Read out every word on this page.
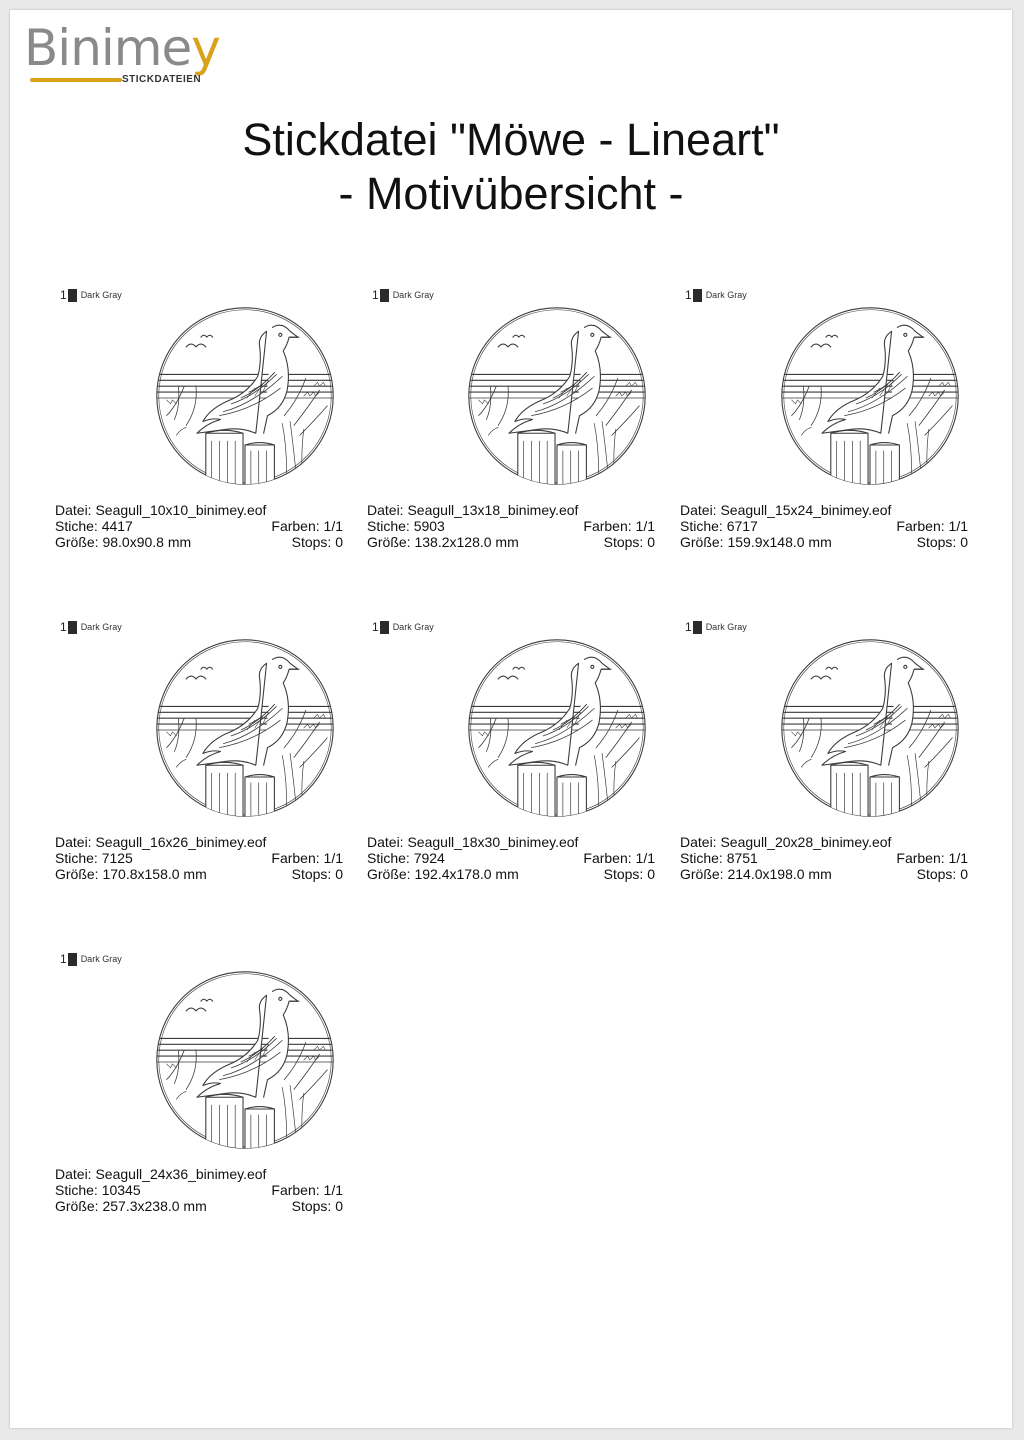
Binimey
STICKDATEIEN
Stickdatei "Möwe - Lineart"
- Motivübersicht -
1 Dark Gray
Datei: Seagull_10x10_binimey.eof
Stiche: 4417	Farben: 1/1
Größe: 98.0x90.8 mm	Stops: 0
1 Dark Gray
Datei: Seagull_13x18_binimey.eof
Stiche: 5903	Farben: 1/1
Größe: 138.2x128.0 mm	Stops: 0
1 Dark Gray
Datei: Seagull_15x24_binimey.eof
Stiche: 6717	Farben: 1/1
Größe: 159.9x148.0 mm	Stops: 0
1 Dark Gray
Datei: Seagull_16x26_binimey.eof
Stiche: 7125	Farben: 1/1
Größe: 170.8x158.0 mm	Stops: 0
1 Dark Gray
Datei: Seagull_18x30_binimey.eof
Stiche: 7924	Farben: 1/1
Größe: 192.4x178.0 mm	Stops: 0
1 Dark Gray
Datei: Seagull_20x28_binimey.eof
Stiche: 8751	Farben: 1/1
Größe: 214.0x198.0 mm	Stops: 0
1 Dark Gray
Datei: Seagull_24x36_binimey.eof
Stiche: 10345	Farben: 1/1
Größe: 257.3x238.0 mm	Stops: 0
